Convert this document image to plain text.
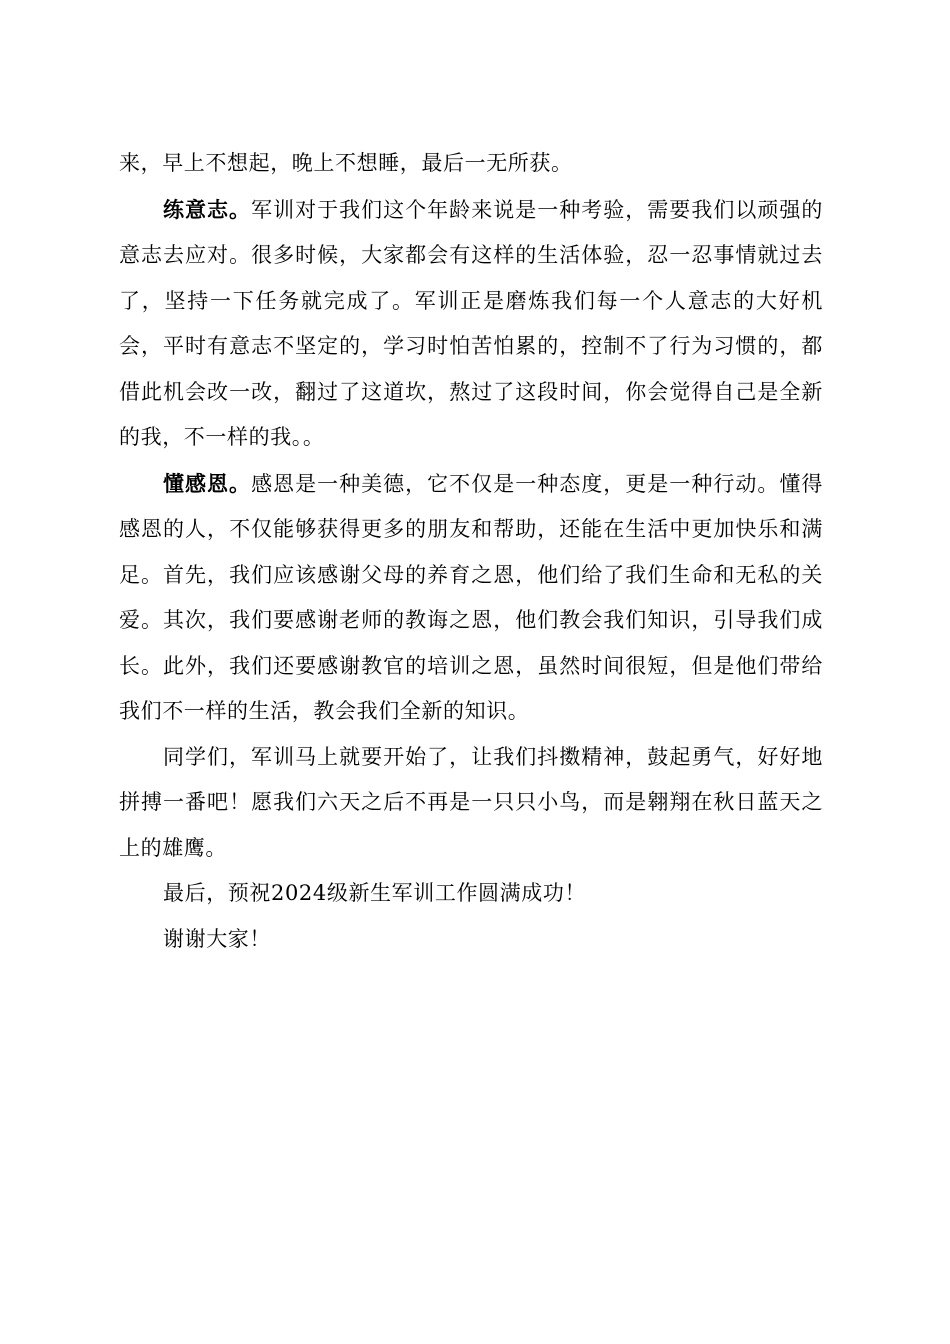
来，早上不想起，晚上不想睡，最后一无所获。

练意志。军训对于我们这个年龄来说是一种考验，需要我们以顽强的意志去应对。很多时候，大家都会有这样的生活体验，忍一忍事情就过去了，坚持一下任务就完成了。军训正是磨炼我们每一个人意志的大好机会，平时有意志不坚定的，学习时怕苦怕累的，控制不了行为习惯的，都借此机会改一改，翻过了这道坎，熬过了这段时间，你会觉得自己是全新的我，不一样的我。。

懂感恩。感恩是一种美德，它不仅是一种态度，更是一种行动。懂得感恩的人，不仅能够获得更多的朋友和帮助，还能在生活中更加快乐和满足。首先，我们应该感谢父母的养育之恩，他们给了我们生命和无私的关爱。其次，我们要感谢老师的教诲之恩，他们教会我们知识，引导我们成长。此外，我们还要感谢教官的培训之恩，虽然时间很短，但是他们带给我们不一样的生活，教会我们全新的知识。

同学们，军训马上就要开始了，让我们抖擞精神，鼓起勇气，好好地拼搏一番吧！愿我们六天之后不再是一只只小鸟，而是翱翔在秋日蓝天之上的雄鹰。

最后，预祝2024级新生军训工作圆满成功！

谢谢大家！
